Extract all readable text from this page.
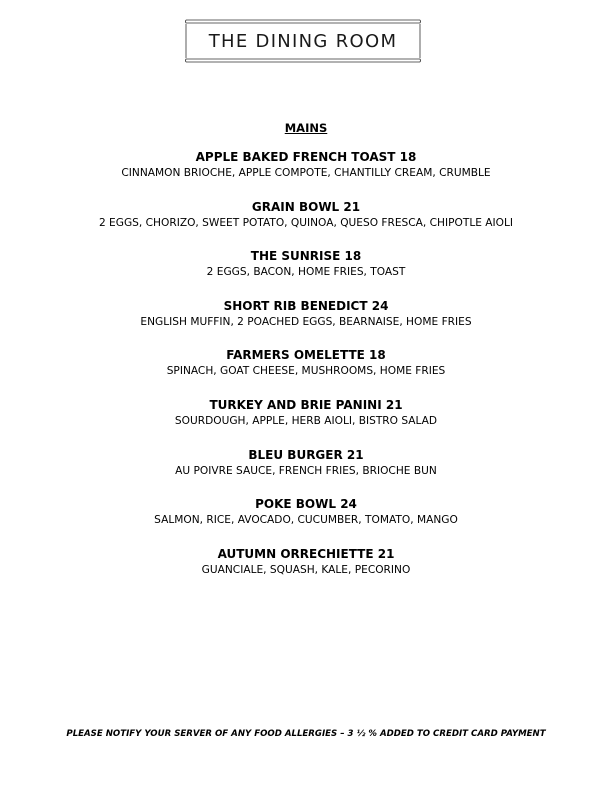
THE DINING ROOM
MAINS
APPLE BAKED FRENCH TOAST 18
CINNAMON BRIOCHE, APPLE COMPOTE, CHANTILLY CREAM, CRUMBLE
GRAIN BOWL 21
2 EGGS, CHORIZO, SWEET POTATO, QUINOA, QUESO FRESCA, CHIPOTLE AIOLI
THE SUNRISE 18
2 EGGS, BACON, HOME FRIES, TOAST
SHORT RIB BENEDICT 24
ENGLISH MUFFIN, 2 POACHED EGGS, BEARNAISE, HOME FRIES
FARMERS OMELETTE 18
SPINACH, GOAT CHEESE, MUSHROOMS, HOME FRIES
TURKEY AND BRIE PANINI 21
SOURDOUGH, APPLE, HERB AIOLI, BISTRO SALAD
BLEU BURGER 21
AU POIVRE SAUCE, FRENCH FRIES, BRIOCHE BUN
POKE BOWL 24
SALMON, RICE, AVOCADO, CUCUMBER, TOMATO, MANGO
AUTUMN ORRECHIETTE 21
GUANCIALE, SQUASH, KALE, PECORINO
PLEASE NOTIFY YOUR SERVER OF ANY FOOD ALLERGIES – 3 ½ % ADDED TO CREDIT CARD PAYMENT
